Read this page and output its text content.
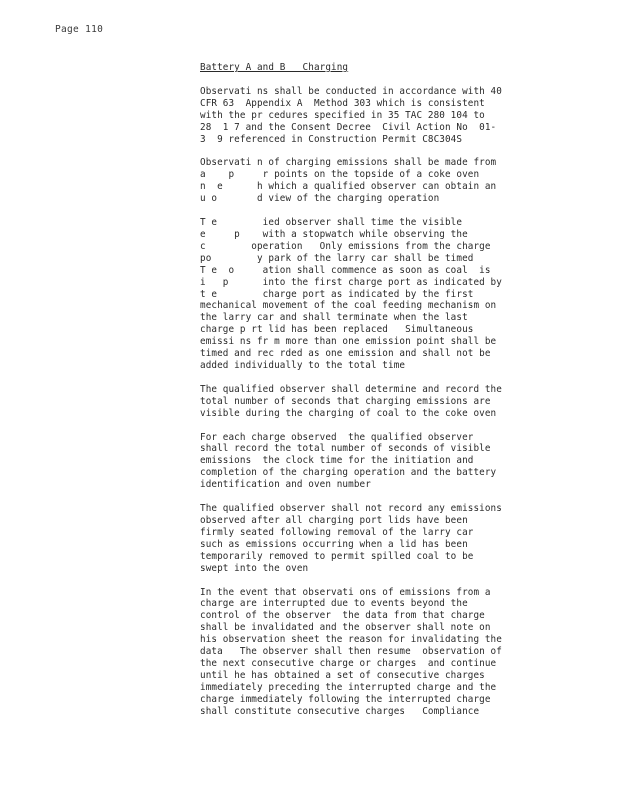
Page 110
Battery A and B   Charging
Observati ns shall be conducted in accordance with 40
CFR 63  Appendix A  Method 303 which is consistent
with the pr cedures specified in 35 TAC 280 104 to
28  1 7 and the Consent Decree  Civil Action No  01-
3  9 referenced in Construction Permit C8C304S
Observati n of charging emissions shall be made from
a    p     r points on the topside of a coke oven
n  e      h which a qualified observer can obtain an
u o       d view of the charging operation
T e        ied observer shall time the visible
e     p    with a stopwatch while observing the
c        operation   Only emissions from the charge
po        y park of the larry car shall be timed
T e  o     ation shall commence as soon as coal  is
i   p      into the first charge port as indicated by
t e        charge port as indicated by the first
mechanical movement of the coal feeding mechanism on
the larry car and shall terminate when the last
charge p rt lid has been replaced   Simultaneous
emissi ns fr m more than one emission point shall be
timed and rec rded as one emission and shall not be
added individually to the total time
The qualified observer shall determine and record the
total number of seconds that charging emissions are
visible during the charging of coal to the coke oven
For each charge observed  the qualified observer
shall record the total number of seconds of visible
emissions  the clock time for the initiation and
completion of the charging operation and the battery
identification and oven number
The qualified observer shall not record any emissions
observed after all charging port lids have been
firmly seated following removal of the larry car
such as emissions occurring when a lid has been
temporarily removed to permit spilled coal to be
swept into the oven
In the event that observati ons of emissions from a
charge are interrupted due to events beyond the
control of the observer  the data from that charge
shall be invalidated and the observer shall note on
his observation sheet the reason for invalidating the
data   The observer shall then resume  observation of
the next consecutive charge or charges  and continue
until he has obtained a set of consecutive charges
immediately preceding the interrupted charge and the
charge immediately following the interrupted charge
shall constitute consecutive charges   Compliance
